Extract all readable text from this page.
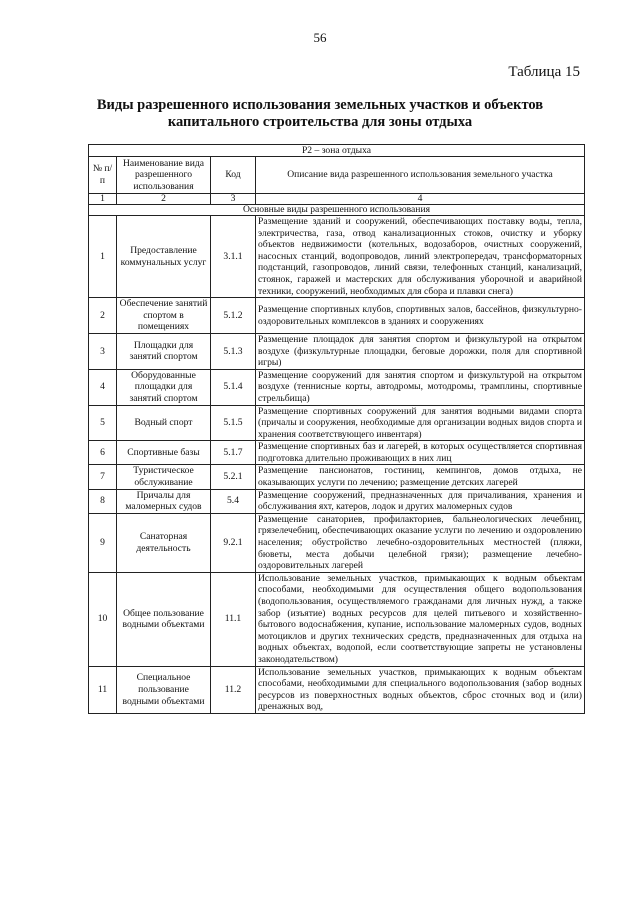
56
Таблица 15
Виды разрешенного использования земельных участков и объектов
капитального строительства для зоны отдыха
Р2 – зона отдыха			
№ п/п	Наименование вида разрешенного использования	Код	Описание вида разрешенного использования земельного участка
1	2	3	4
Основные виды разрешенного использования			
1	Предоставление коммунальных услуг	3.1.1	Размещение зданий и сооружений, обеспечивающих поставку воды, тепла, электричества, газа, отвод канализационных стоков, очистку и уборку объектов недвижимости (котельных, водозаборов, очистных сооружений, насосных станций, водопроводов, линий электропередач, трансформаторных подстанций, газопроводов, линий связи, телефонных станций, канализаций, стоянок, гаражей и мастерских для обслуживания уборочной и аварийной техники, сооружений, необходимых для сбора и плавки снега)
2	Обеспечение занятий спортом в помещениях	5.1.2	Размещение спортивных клубов, спортивных залов, бассейнов, физкультурно-оздоровительных комплексов в зданиях и сооружениях
3	Площадки для занятий спортом	5.1.3	Размещение площадок для занятия спортом и физкультурой на открытом воздухе (физкультурные площадки, беговые дорожки, поля для спортивной игры)
4	Оборудованные площадки для занятий спортом	5.1.4	Размещение сооружений для занятия спортом и физкультурой на открытом воздухе (теннисные корты, автодромы, мотодромы, трамплины, спортивные стрельбища)
5	Водный спорт	5.1.5	Размещение спортивных сооружений для занятия водными видами спорта (причалы и сооружения, необходимые для организации водных видов спорта и хранения соответствующего инвентаря)
6	Спортивные базы	5.1.7	Размещение спортивных баз и лагерей, в которых осуществляется спортивная подготовка длительно проживающих в них лиц
7	Туристическое обслуживание	5.2.1	Размещение пансионатов, гостиниц, кемпингов, домов отдыха, не оказывающих услуги по лечению; размещение детских лагерей
8	Причалы для маломерных судов	5.4	Размещение сооружений, предназначенных для причаливания, хранения и обслуживания яхт, катеров, лодок и других маломерных судов
9	Санаторная деятельность	9.2.1	Размещение санаториев, профилакториев, бальнеологических лечебниц, грязелечебниц, обеспечивающих оказание услуги по лечению и оздоровлению населения; обустройство лечебно-оздоровительных местностей (пляжи, бюветы, места добычи целебной грязи); размещение лечебно-оздоровительных лагерей
10	Общее пользование водными объектами	11.1	Использование земельных участков, примыкающих к водным объектам способами, необходимыми для осуществления общего водопользования (водопользования, осуществляемого гражданами для личных нужд, а также забор (изъятие) водных ресурсов для целей питьевого и хозяйственно-бытового водоснабжения, купание, использование маломерных судов, водных мотоциклов и других технических средств, предназначенных для отдыха на водных объектах, водопой, если соответствующие запреты не установлены законодательством)
11	Специальное пользование водными объектами	11.2	Использование земельных участков, примыкающих к водным объектам способами, необходимыми для специального водопользования (забор водных ресурсов из поверхностных водных объектов, сброс сточных вод и (или) дренажных вод,
